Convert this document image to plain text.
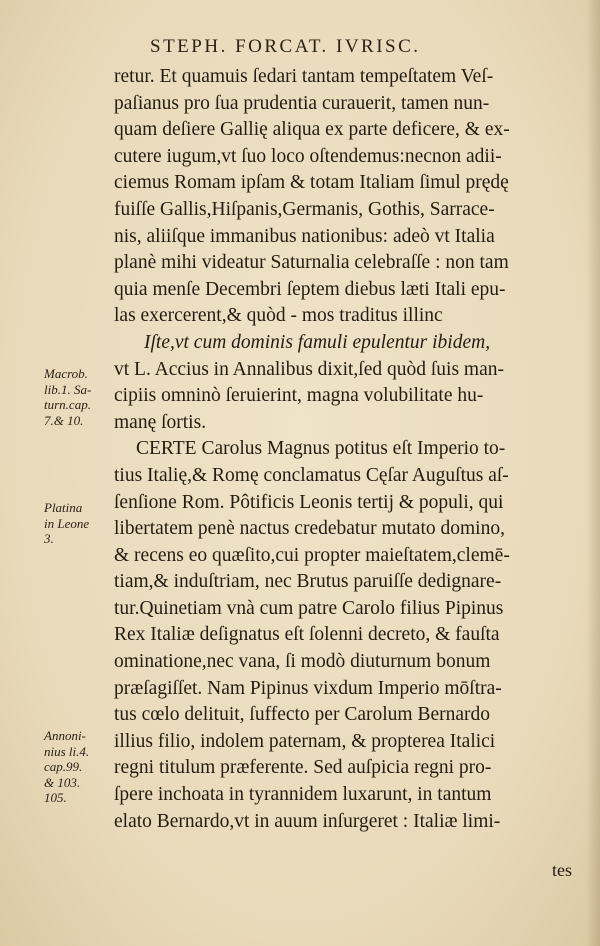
STEPH. FORCAT. IVRISC.
retur. Et quamuis ſedari tantam tempeſtatem Veſ-
paſianus pro ſua prudentia curauerit, tamen nun-
quam deſiere Gallię aliqua ex parte deficere, & ex-
cutere iugum,vt ſuo loco oſtendemus:necnon adii-
ciemus Romam ipſam & totam Italiam ſimul prędę
fuiſſe Gallis,Hiſpanis,Germanis, Gothis, Sarrace-
nis, aliiſque immanibus nationibus: adeò vt Italia
planè mihi videatur Saturnalia celebraſſe : non tam
quia menſe Decembri ſeptem diebus læti Itali epu-
las exercerent,& quòd - mos traditus illinc
Iſte,vt cum dominis famuli epulentur ibidem,
vt L. Accius in Annalibus dixit,ſed quòd ſuis man-
cipiis omninò ſeruierint, magna volubilitate hu-
manę ſortis.
CERTE Carolus Magnus potitus eſt Imperio to-
tius Italię,& Romę conclamatus Cęſar Auguſtus aſ-
ſenſione Rom. Pôtificis Leonis tertij & populi, qui
libertatem penè nactus credebatur mutato domino,
& recens eo quæſito,cui propter maieſtatem,clemē-
tiam,& induſtriam, nec Brutus paruiſſe dedignare-
tur.Quinetiam vnà cum patre Carolo filius Pipinus
Rex Italiæ deſignatus eſt ſolenni decreto, & fauſta
ominatione,nec vana, ſi modò diuturnum bonum
præſagiſſet. Nam Pipinus vixdum Imperio mōſtra-
tus cœlo delituit, ſuffecto per Carolum Bernardo
illius filio, indolem paternam, & propterea Italici
regni titulum præferente. Sed auſpicia regni pro-
ſpere inchoata in tyrannidem luxarunt, in tantum
elato Bernardo,vt in auum inſurgeret : Italiæ limi-
tes
Macrob.
lib.1. Sa-
turn.cap.
7.& 10.
Platina
in Leone
3.
Annoni-
nius li.4.
cap.99.
& 103.
105.
